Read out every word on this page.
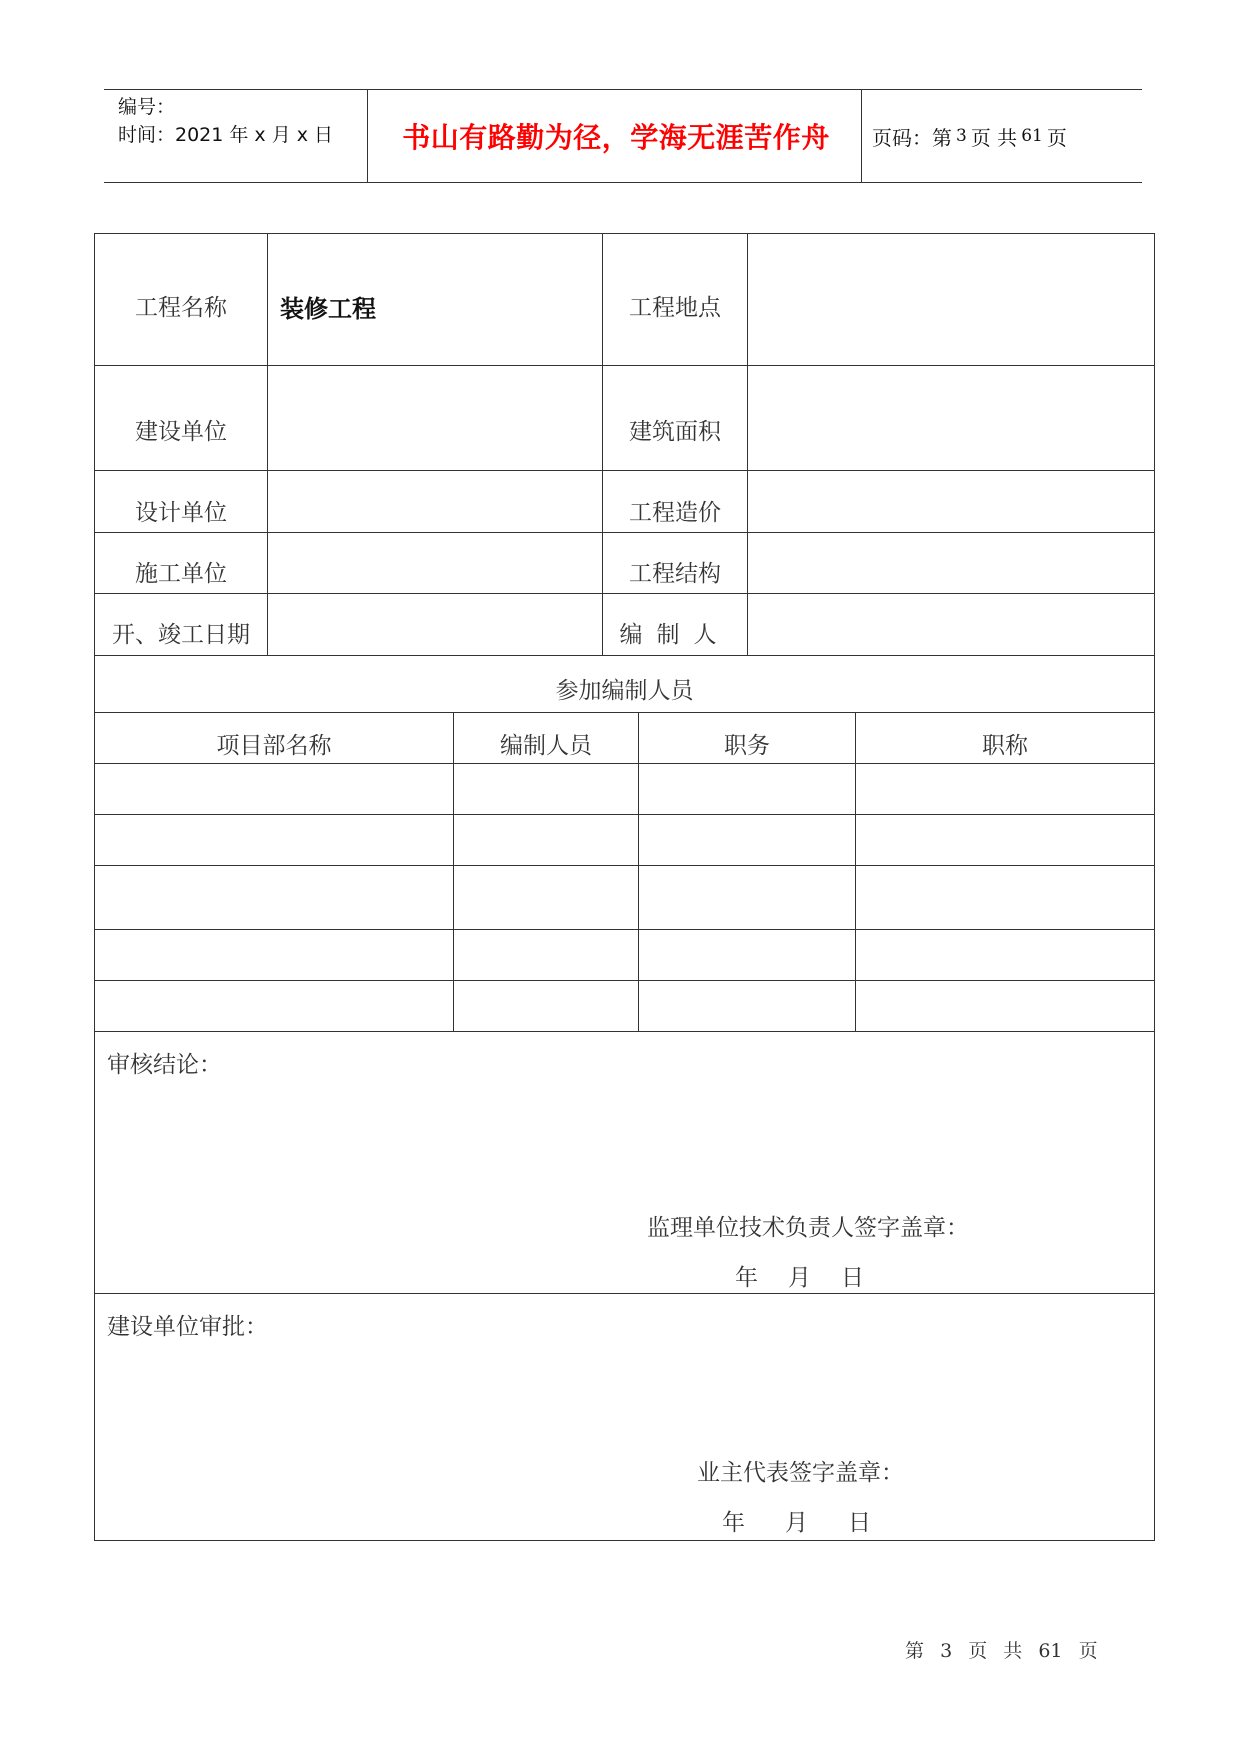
编号：
时间：2021 年 x 月 x 日	书山有路勤为径，学海无涯苦作舟	页码：第 3 页 共 61 页
工程名称	装修工程		工程地点			
建设单位			建筑面积			
设计单位			工程造价			
施工单位			工程结构			
开、竣工日期			编制人			
参加编制人员						
项目部名称		编制人员		职务		职称

审核结论：
监理单位技术负责人签字盖章：
年 月 日						

建设单位审批：
业主代表签字盖章：
年 月 日						
第 3 页 共 61 页
